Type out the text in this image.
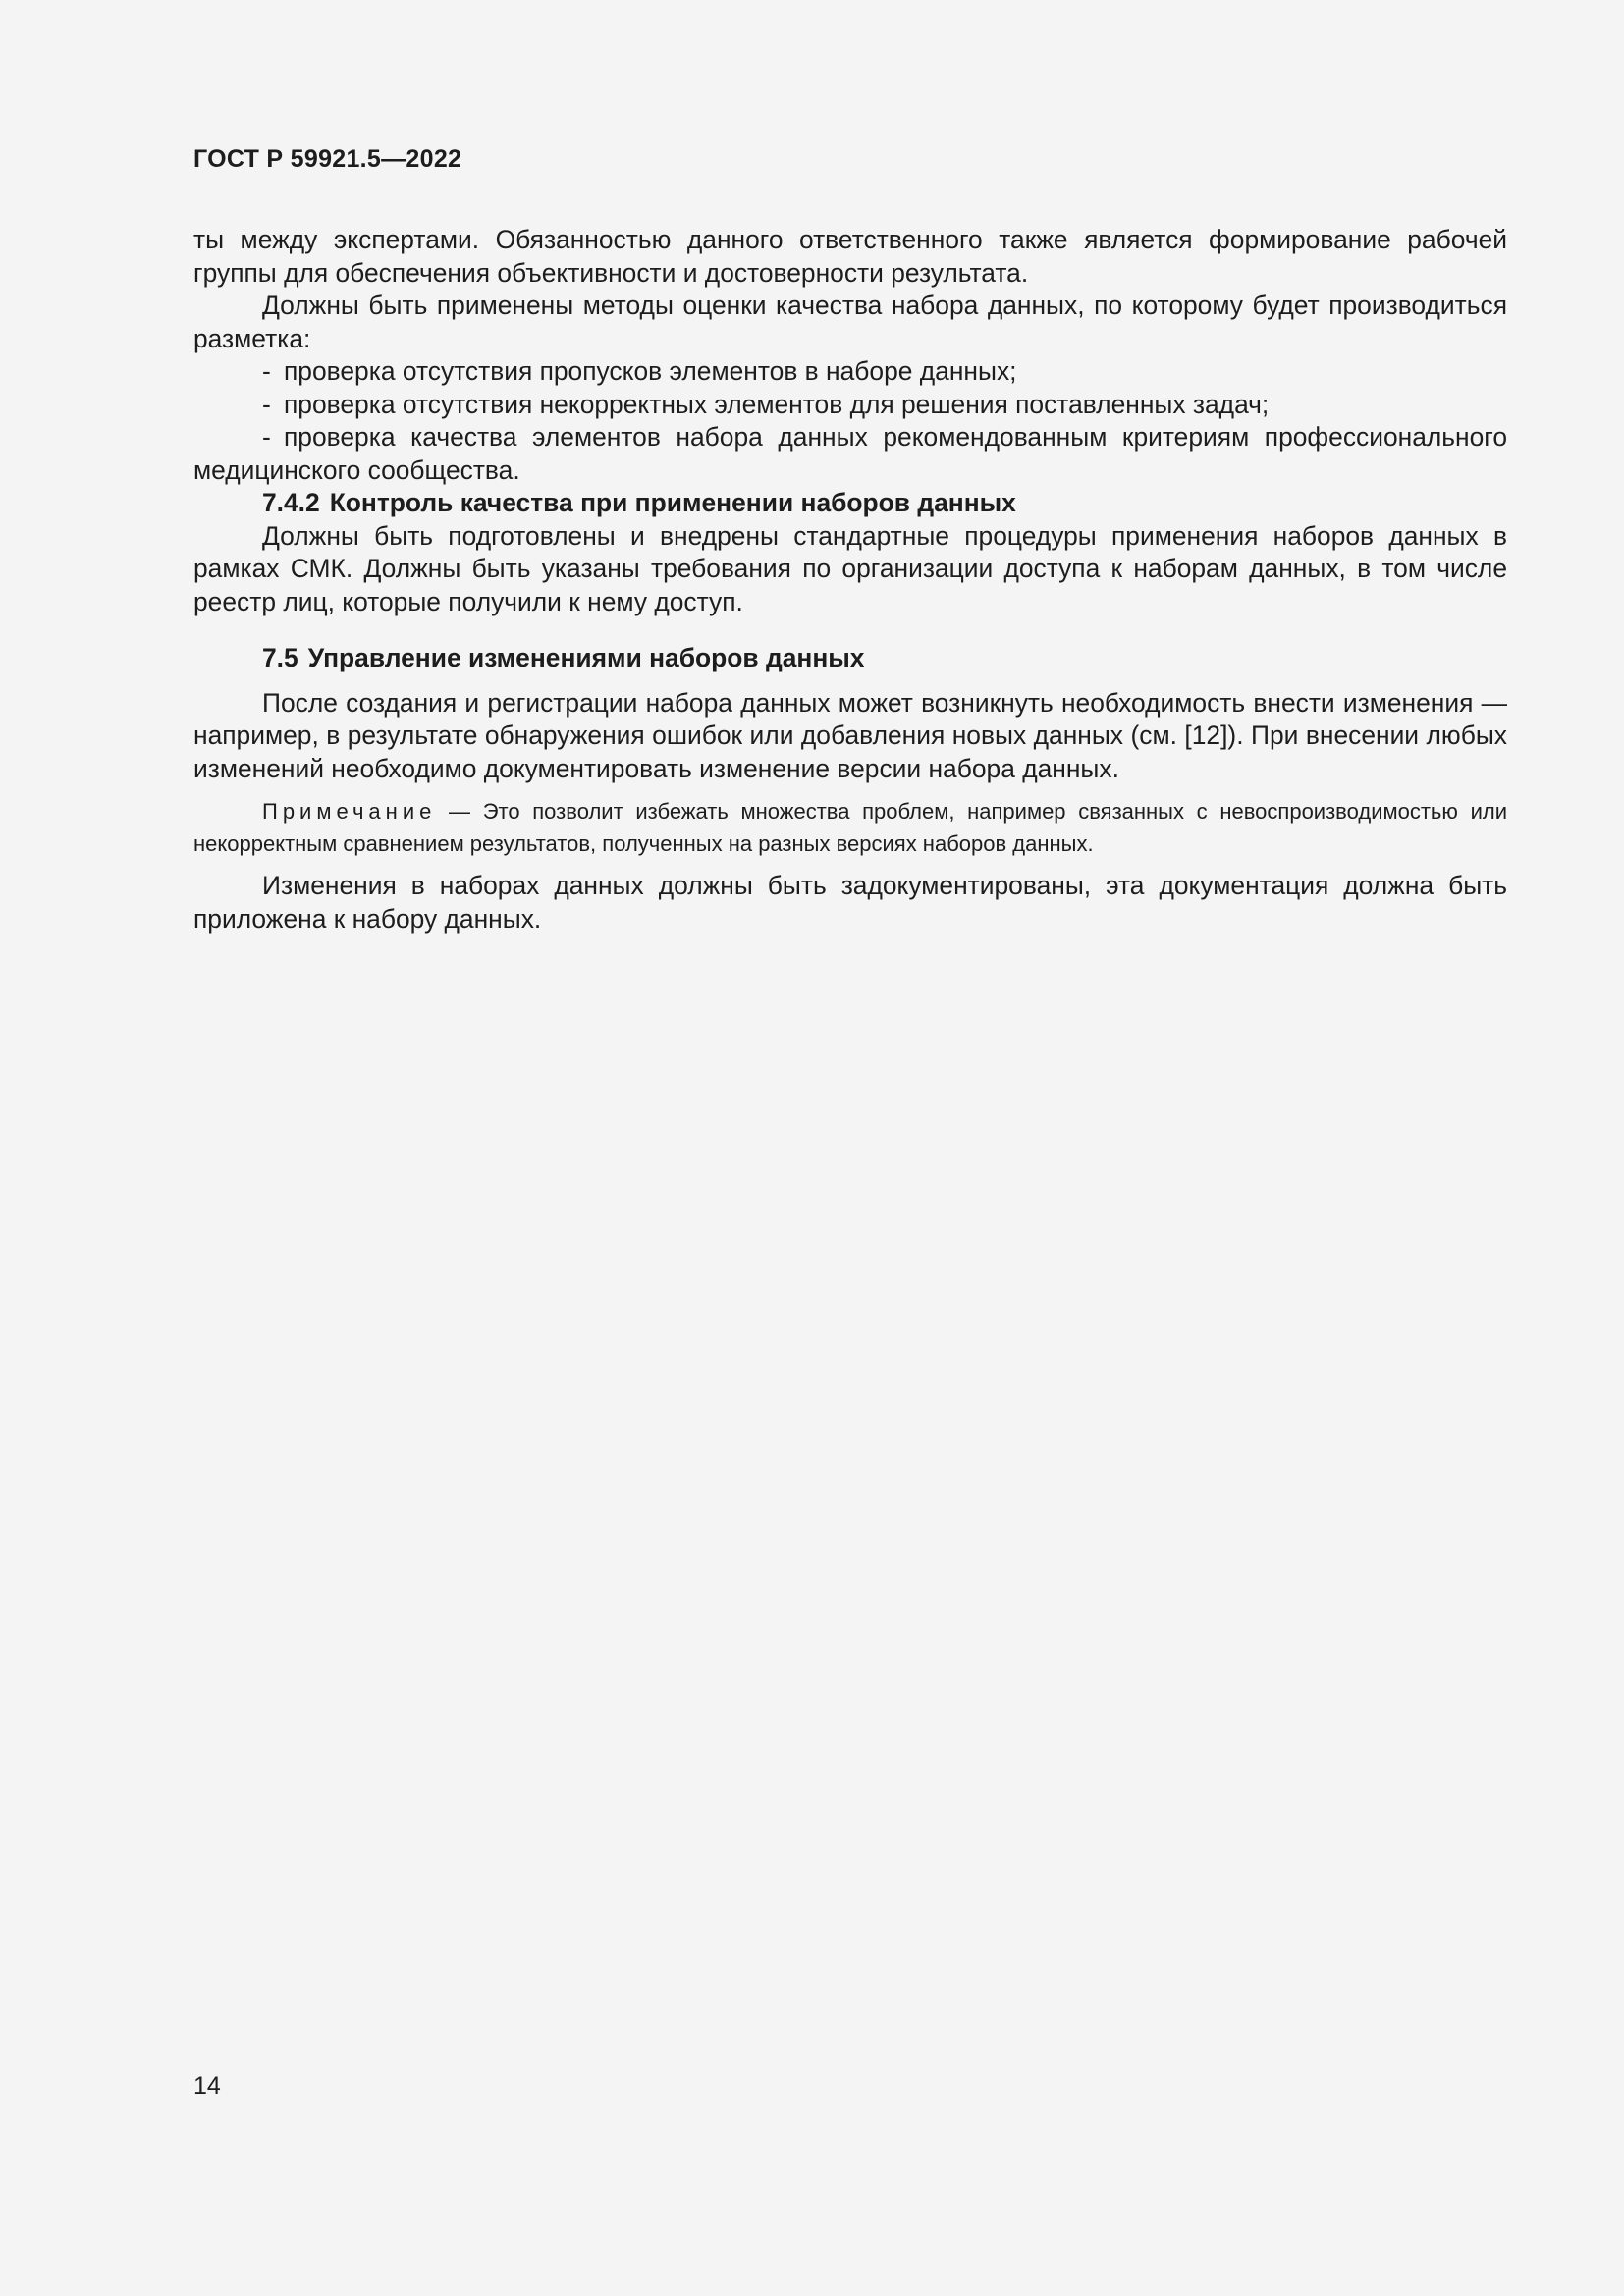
ГОСТ Р 59921.5—2022

ты между экспертами. Обязанностью данного ответственного также является формирование рабочей группы для обеспечения объективности и достоверности результата.

Должны быть применены методы оценки качества набора данных, по которому будет производиться разметка:

- проверка отсутствия пропусков элементов в наборе данных;

- проверка отсутствия некорректных элементов для решения поставленных задач;

- проверка качества элементов набора данных рекомендованным критериям профессионального медицинского сообщества.

7.4.2 Контроль качества при применении наборов данных

Должны быть подготовлены и внедрены стандартные процедуры применения наборов данных в рамках СМК. Должны быть указаны требования по организации доступа к наборам данных, в том числе реестр лиц, которые получили к нему доступ.

7.5 Управление изменениями наборов данных

После создания и регистрации набора данных может возникнуть необходимость внести изменения — например, в результате обнаружения ошибок или добавления новых данных (см. [12]). При внесении любых изменений необходимо документировать изменение версии набора данных.

Примечание — Это позволит избежать множества проблем, например связанных с невоспроизводимостью или некорректным сравнением результатов, полученных на разных версиях наборов данных.

Изменения в наборах данных должны быть задокументированы, эта документация должна быть приложена к набору данных.

14
